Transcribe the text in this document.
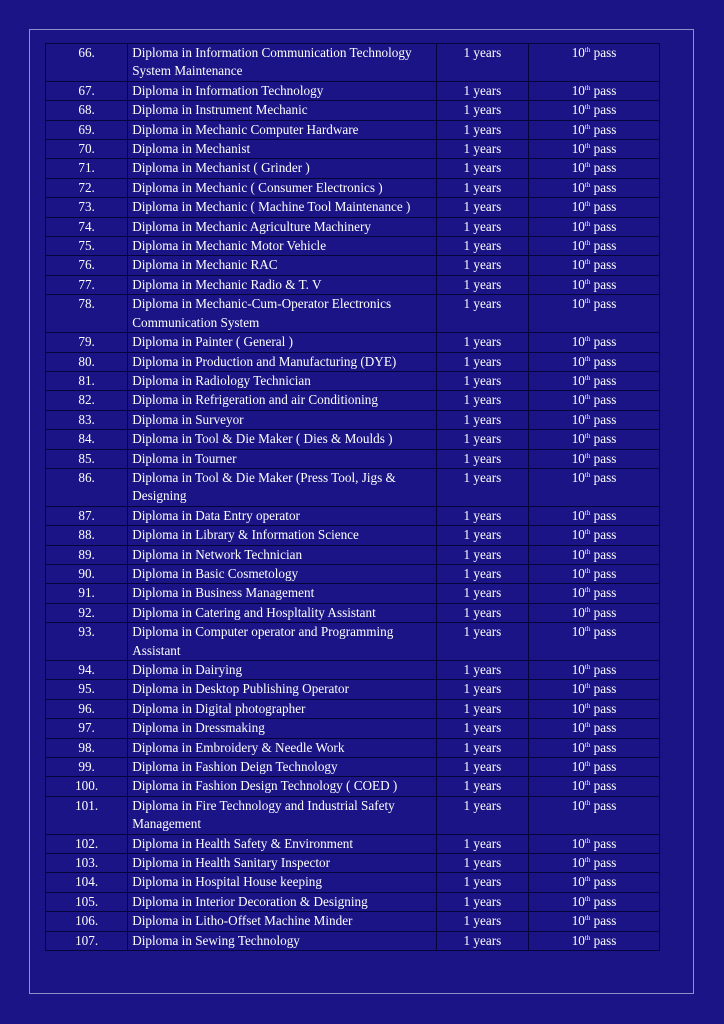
66.	Diploma in Information Communication Technology System Maintenance	1 years	10th pass
67.	Diploma in Information Technology	1 years	10th pass
68.	Diploma in Instrument Mechanic	1 years	10th pass
69.	Diploma in Mechanic Computer Hardware	1 years	10th pass
70.	Diploma in Mechanist	1 years	10th pass
71.	Diploma in Mechanist ( Grinder )	1 years	10th pass
72.	Diploma in Mechanic ( Consumer Electronics )	1 years	10th pass
73.	Diploma in Mechanic ( Machine Tool Maintenance )	1 years	10th pass
74.	Diploma in Mechanic Agriculture Machinery	1 years	10th pass
75.	Diploma in Mechanic Motor Vehicle	1 years	10th pass
76.	Diploma in Mechanic RAC	1 years	10th pass
77.	Diploma in Mechanic Radio & T. V	1 years	10th pass
78.	Diploma in Mechanic-Cum-Operator Electronics Communication System	1 years	10th pass
79.	Diploma in Painter ( General )	1 years	10th pass
80.	Diploma in Production and Manufacturing (DYE)	1 years	10th pass
81.	Diploma in Radiology Technician	1 years	10th pass
82.	Diploma in Refrigeration and air Conditioning	1 years	10th pass
83.	Diploma in Surveyor	1 years	10th pass
84.	Diploma in Tool & Die Maker ( Dies & Moulds )	1 years	10th pass
85.	Diploma in Tourner	1 years	10th pass
86.	Diploma in Tool & Die Maker (Press Tool, Jigs & Designing	1 years	10th pass
87.	Diploma in Data Entry operator	1 years	10th pass
88.	Diploma in Library & Information Science	1 years	10th pass
89.	Diploma in Network Technician	1 years	10th pass
90.	Diploma in Basic Cosmetology	1 years	10th pass
91.	Diploma in Business Management	1 years	10th pass
92.	Diploma in Catering and Hospltality Assistant	1 years	10th pass
93.	Diploma in Computer operator and Programming Assistant	1 years	10th pass
94.	Diploma in Dairying	1 years	10th pass
95.	Diploma in Desktop Publishing Operator	1 years	10th pass
96.	Diploma in Digital photographer	1 years	10th pass
97.	Diploma in Dressmaking	1 years	10th pass
98.	Diploma in Embroidery & Needle Work	1 years	10th pass
99.	Diploma in Fashion Deign Technology	1 years	10th pass
100.	Diploma in Fashion Design Technology ( COED )	1 years	10th pass
101.	Diploma in Fire Technology and Industrial Safety Management	1 years	10th pass
102.	Diploma in Health Safety & Environment	1 years	10th pass
103.	Diploma in Health Sanitary Inspector	1 years	10th pass
104.	Diploma in Hospital House keeping	1 years	10th pass
105.	Diploma in Interior Decoration & Designing	1 years	10th pass
106.	Diploma in Litho-Offset Machine Minder	1 years	10th pass
107.	Diploma in Sewing Technology	1 years	10th pass
